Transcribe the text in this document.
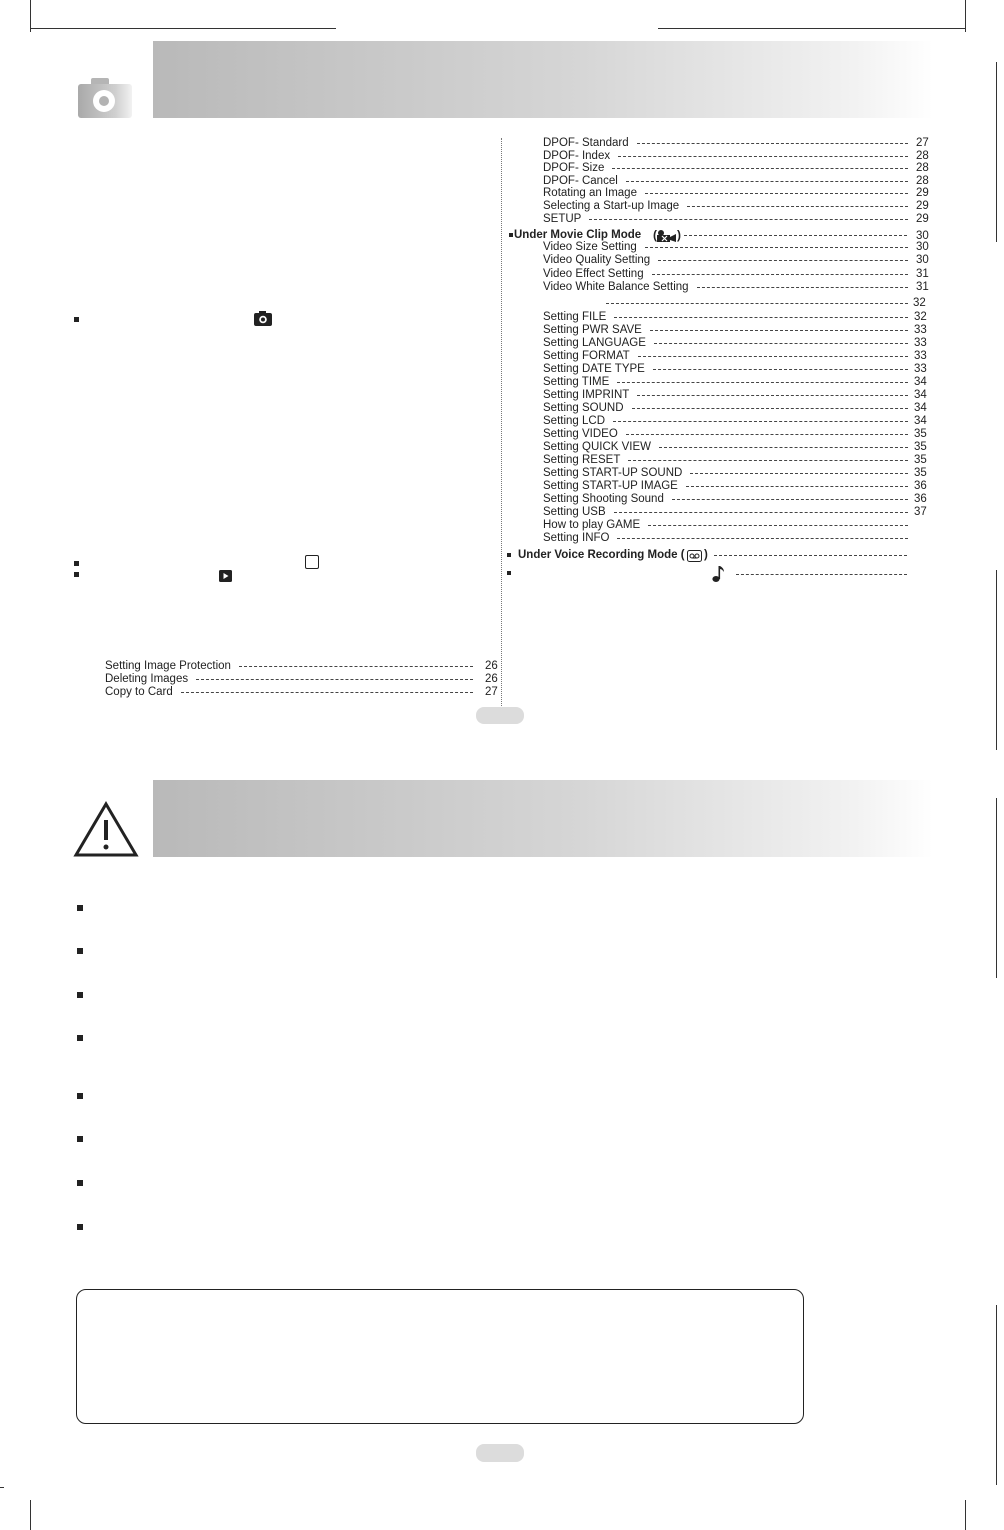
Setting Image Protection	26
Deleting Images	26
Copy to Card	27
DPOF- Standard	27
DPOF- Index	28
DPOF- Size	28
DPOF- Cancel	28
Rotating an Image	29
Selecting a Start-up Image	29
SETUP	29
Under Movie Clip Mode ( )	30
Video Size Setting	30
Video Quality Setting	30
Video Effect Setting	31
Video White Balance Setting	31
32
Setting FILE	32
Setting PWR SAVE	33
Setting LANGUAGE	33
Setting FORMAT	33
Setting DATE TYPE	33
Setting TIME	34
Setting IMPRINT	34
Setting SOUND	34
Setting LCD	34
Setting VIDEO	35
Setting QUICK VIEW	35
Setting RESET	35
Setting START-UP SOUND	35
Setting START-UP IMAGE	36
Setting Shooting Sound	36
Setting USB	37
How to play GAME
Setting INFO
Under Voice Recording Mode ( )
